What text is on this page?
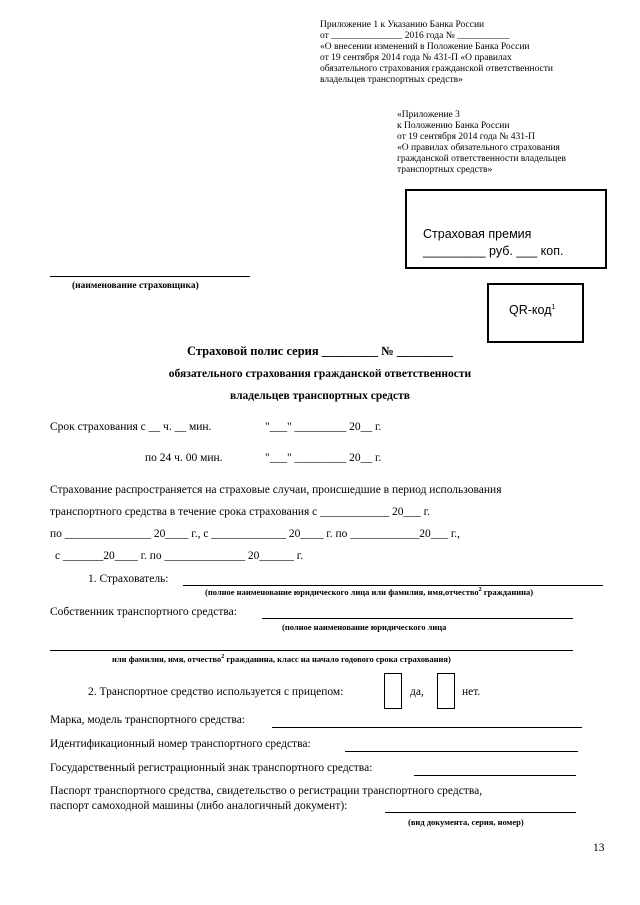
Приложение 1 к Указанию Банка России
от _______________ 2016 года № ___________
«О внесении изменений в Положение Банка России
от 19 сентября 2014 года № 431-П «О правилах
обязательного страхования гражданской ответственности
владельцев транспортных средств»
«Приложение 3
к Положению Банка России
от 19 сентября 2014 года № 431-П
«О правилах обязательного страхования
гражданской ответственности владельцев
транспортных средств»
Страховая премия
_________ руб. ___ коп.
(наименование страховщика)
QR-код$^1$
Страховой полис серия _________ № _________
обязательного страхования гражданской ответственности
владельцев транспортных средств
Срок страхования с __ ч. __ мин.	"___" _________ 20__ г.
по 24 ч. 00 мин.	"___" _________ 20__ г.
Страхование распространяется на страховые случаи, происшедшие в период использования
транспортного средства в течение срока страхования с ____________ 20___ г.
по _______________ 20____ г., с _____________ 20____ г. по ____________20___ г.,
с _______20____ г. по ______________ 20______ г.
1. Страхователь:
(полное наименование юридического лица или фамилия, имя,отчество$^2$ гражданина)
Собственник транспортного средства:
(полное наименование юридического лица
или фамилия, имя, отчество$^2$ гражданина, класс на начало годового срока страхования)
2. Транспортное средство используется с прицепом:	да,	нет.
Марка, модель транспортного средства:
Идентификационный номер транспортного средства:
Государственный регистрационный знак транспортного средства:
Паспорт транспортного средства, свидетельство о регистрации транспортного средства,
паспорт самоходной машины (либо аналогичный документ):
(вид документа, серия, номер)
13
